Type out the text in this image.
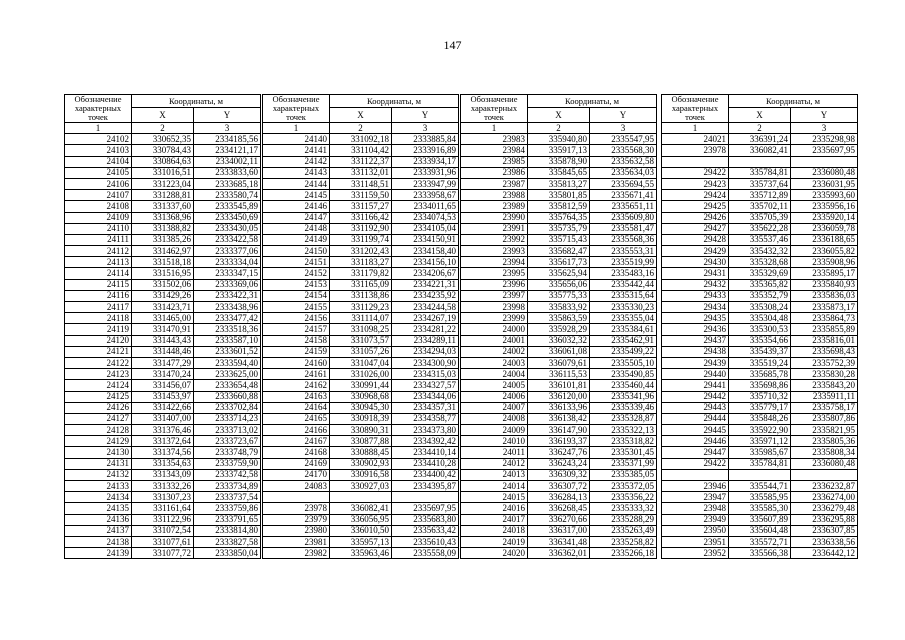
147
Обозначение характерных точек	Координаты, м	
	X	Y
1	2	3
24102	330652,35	2334185,56
24103	330784,43	2334121,17
24104	330864,63	2334002,11
24105	331016,51	2333833,60
24106	331223,04	2333685,18
24107	331288,81	2333580,74
24108	331337,60	2333545,89
24109	331368,96	2333450,69
24110	331388,82	2333430,05
24111	331385,26	2333422,58
24112	331462,97	2333377,06
24113	331518,18	2333334,04
24114	331516,95	2333347,15
24115	331502,06	2333369,06
24116	331429,26	2333422,31
24117	331423,71	2333438,96
24118	331465,00	2333477,42
24119	331470,91	2333518,36
24120	331443,43	2333587,10
24121	331448,46	2333601,52
24122	331477,29	2333594,40
24123	331470,24	2333625,00
24124	331456,07	2333654,48
24125	331453,97	2333660,88
24126	331422,66	2333702,84
24127	331407,00	2333714,23
24128	331376,46	2333713,02
24129	331372,64	2333723,67
24130	331374,56	2333748,79
24131	331354,63	2333759,90
24132	331343,09	2333742,58
24133	331332,26	2333734,89
24134	331307,23	2333737,54
24135	331161,64	2333759,86
24136	331122,96	2333791,65
24137	331072,54	2333814,80
24138	331077,61	2333827,58
24139	331077,72	2333850,04
Обозначение характерных точек	Координаты, м	
	X	Y
1	2	3
24140	331092,18	2333885,84
24141	331104,42	2333916,89
24142	331122,37	2333934,17
24143	331132,01	2333931,96
24144	331148,51	2333947,99
24145	331159,50	2333958,67
24146	331157,27	2334011,65
24147	331166,42	2334074,53
24148	331192,90	2334105,04
24149	331199,74	2334150,91
24150	331202,43	2334158,40
24151	331183,27	2334156,10
24152	331179,82	2334206,67
24153	331165,09	2334221,31
24154	331138,86	2334235,92
24155	331129,23	2334244,58
24156	331114,07	2334267,19
24157	331098,25	2334281,22
24158	331073,57	2334289,11
24159	331057,26	2334294,03
24160	331047,04	2334300,90
24161	331026,00	2334315,03
24162	330991,44	2334327,57
24163	330968,68	2334344,06
24164	330945,30	2334357,31
24165	330918,39	2334358,77
24166	330890,31	2334373,80
24167	330877,88	2334392,42
24168	330888,45	2334410,14
24169	330902,93	2334410,28
24170	330916,58	2334400,42
24083	330927,03	2334395,87

23978	336082,41	2335697,95
23979	336056,95	2335683,80
23980	336010,50	2335633,42
23981	335957,13	2335610,43
23982	335963,46	2335558,09
Обозначение характерных точек	Координаты, м	
	X	Y
1	2	3
23983	335940,80	2335547,95
23984	335917,13	2335568,30
23985	335878,90	2335632,58
23986	335845,65	2335634,03
23987	335813,27	2335694,55
23988	335801,85	2335671,41
23989	335812,59	2335651,11
23990	335764,35	2335609,80
23991	335735,79	2335581,47
23992	335715,43	2335568,36
23993	335682,47	2335553,31
23994	335617,73	2335519,99
23995	335625,94	2335483,16
23996	335656,06	2335442,44
23997	335775,33	2335315,64
23998	335833,92	2335330,23
23999	335863,59	2335355,04
24000	335928,29	2335384,61
24001	336032,32	2335462,91
24002	336061,08	2335499,22
24003	336079,61	2335505,10
24004	336115,53	2335490,85
24005	336101,81	2335460,44
24006	336120,00	2335341,96
24007	336133,96	2335339,46
24008	336138,42	2335328,87
24009	336147,90	2335322,13
24010	336193,37	2335318,82
24011	336247,76	2335301,45
24012	336243,24	2335371,99
24013	336309,32	2335385,05
24014	336307,72	2335372,05
24015	336284,13	2335356,22
24016	336268,45	2335333,32
24017	336270,66	2335288,29
24018	336317,00	2335263,49
24019	336341,48	2335258,82
24020	336362,01	2335266,18
Обозначение характерных точек	Координаты, м	
	X	Y
1	2	3
24021	336391,24	2335298,98
23978	336082,41	2335697,95

29422	335784,81	2336080,48
29423	335737,64	2336031,95
29424	335712,89	2335993,60
29425	335702,11	2335956,16
29426	335705,39	2335920,14
29427	335622,28	2336059,78
29428	335537,46	2336188,65
29429	335432,32	2336055,82
29430	335328,68	2335908,96
29431	335329,69	2335895,17
29432	335365,82	2335840,93
29433	335352,79	2335836,03
29434	335308,24	2335873,17
29435	335304,48	2335864,73
29436	335300,53	2335855,89
29437	335354,66	2335816,01
29438	335439,37	2335698,43
29439	335519,24	2335752,39
29440	335685,78	2335830,28
29441	335698,86	2335843,20
29442	335710,32	2335911,11
29443	335779,17	2335758,17
29444	335848,26	2335807,86
29445	335922,90	2335821,95
29446	335971,12	2335805,36
29447	335985,67	2335808,34
29422	335784,81	2336080,48

23946	335544,71	2336232,87
23947	335585,95	2336274,00
23948	335585,30	2336279,48
23949	335607,89	2336295,88
23950	335604,48	2336307,85
23951	335572,71	2336338,56
23952	335566,38	2336442,12
